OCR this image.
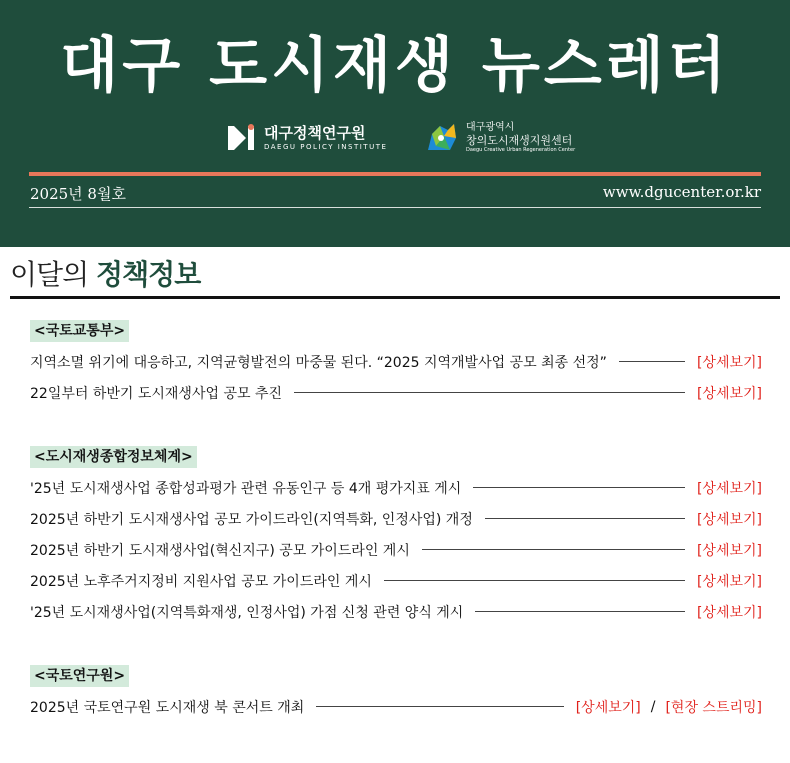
대구 도시재생 뉴스레터
대구정책연구원
DAEGU POLICY INSTITUTE
대구광역시
창의도시재생지원센터
Daegu Creative Urban Regeneration Center
2025년 8월호	www.dgucenter.or.kr
이달의 정책정보
<국토교통부>
지역소멸 위기에 대응하고, 지역균형발전의 마중물 된다. “2025 지역개발사업 공모 최종 선정”	[상세보기]
22일부터 하반기 도시재생사업 공모 추진	[상세보기]
<도시재생종합정보체계>
'25년 도시재생사업 종합성과평가 관련 유동인구 등 4개 평가지표 게시	[상세보기]
2025년 하반기 도시재생사업 공모 가이드라인(지역특화, 인정사업) 개정	[상세보기]
2025년 하반기 도시재생사업(혁신지구) 공모 가이드라인 게시	[상세보기]
2025년 노후주거지정비 지원사업 공모 가이드라인 게시	[상세보기]
'25년 도시재생사업(지역특화재생, 인정사업) 가점 신청 관련 양식 게시	[상세보기]
<국토연구원>
2025년 국토연구원 도시재생 북 콘서트 개최	[상세보기] / [현장 스트리밍]
